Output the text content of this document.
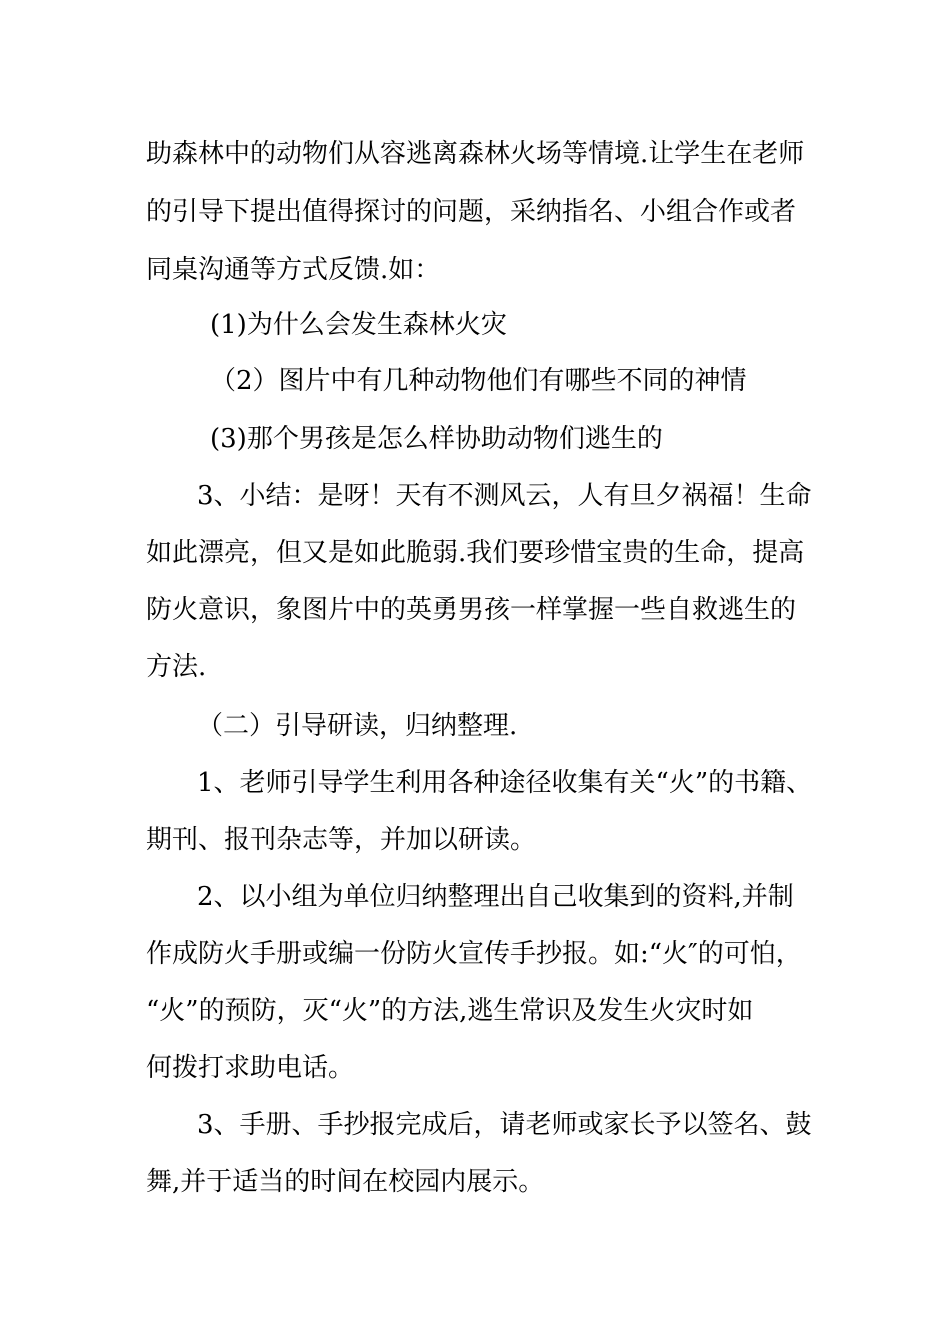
助森林中的动物们从容逃离森林火场等情境.让学生在老师
的引导下提出值得探讨的问题，采纳指名、小组合作或者
同桌沟通等方式反馈.如：
(1)为什么会发生森林火灾
（2）图片中有几种动物他们有哪些不同的神情
(3)那个男孩是怎么样协助动物们逃生的
3、小结：是呀！天有不测风云，人有旦夕祸福！生命
如此漂亮，但又是如此脆弱.我们要珍惜宝贵的生命，提高
防火意识，象图片中的英勇男孩一样掌握一些自救逃生的
方法.
（二）引导研读，归纳整理.
1、老师引导学生利用各种途径收集有关“火”的书籍、
期刊、报刊杂志等，并加以研读。
2、以小组为单位归纳整理出自己收集到的资料,并制
作成防火手册或编一份防火宣传手抄报。如:“火″的可怕，
“火”的预防，灭“火”的方法,逃生常识及发生火灾时如
何拨打求助电话。
3、手册、手抄报完成后，请老师或家长予以签名、鼓
舞,并于适当的时间在校园内展示。
